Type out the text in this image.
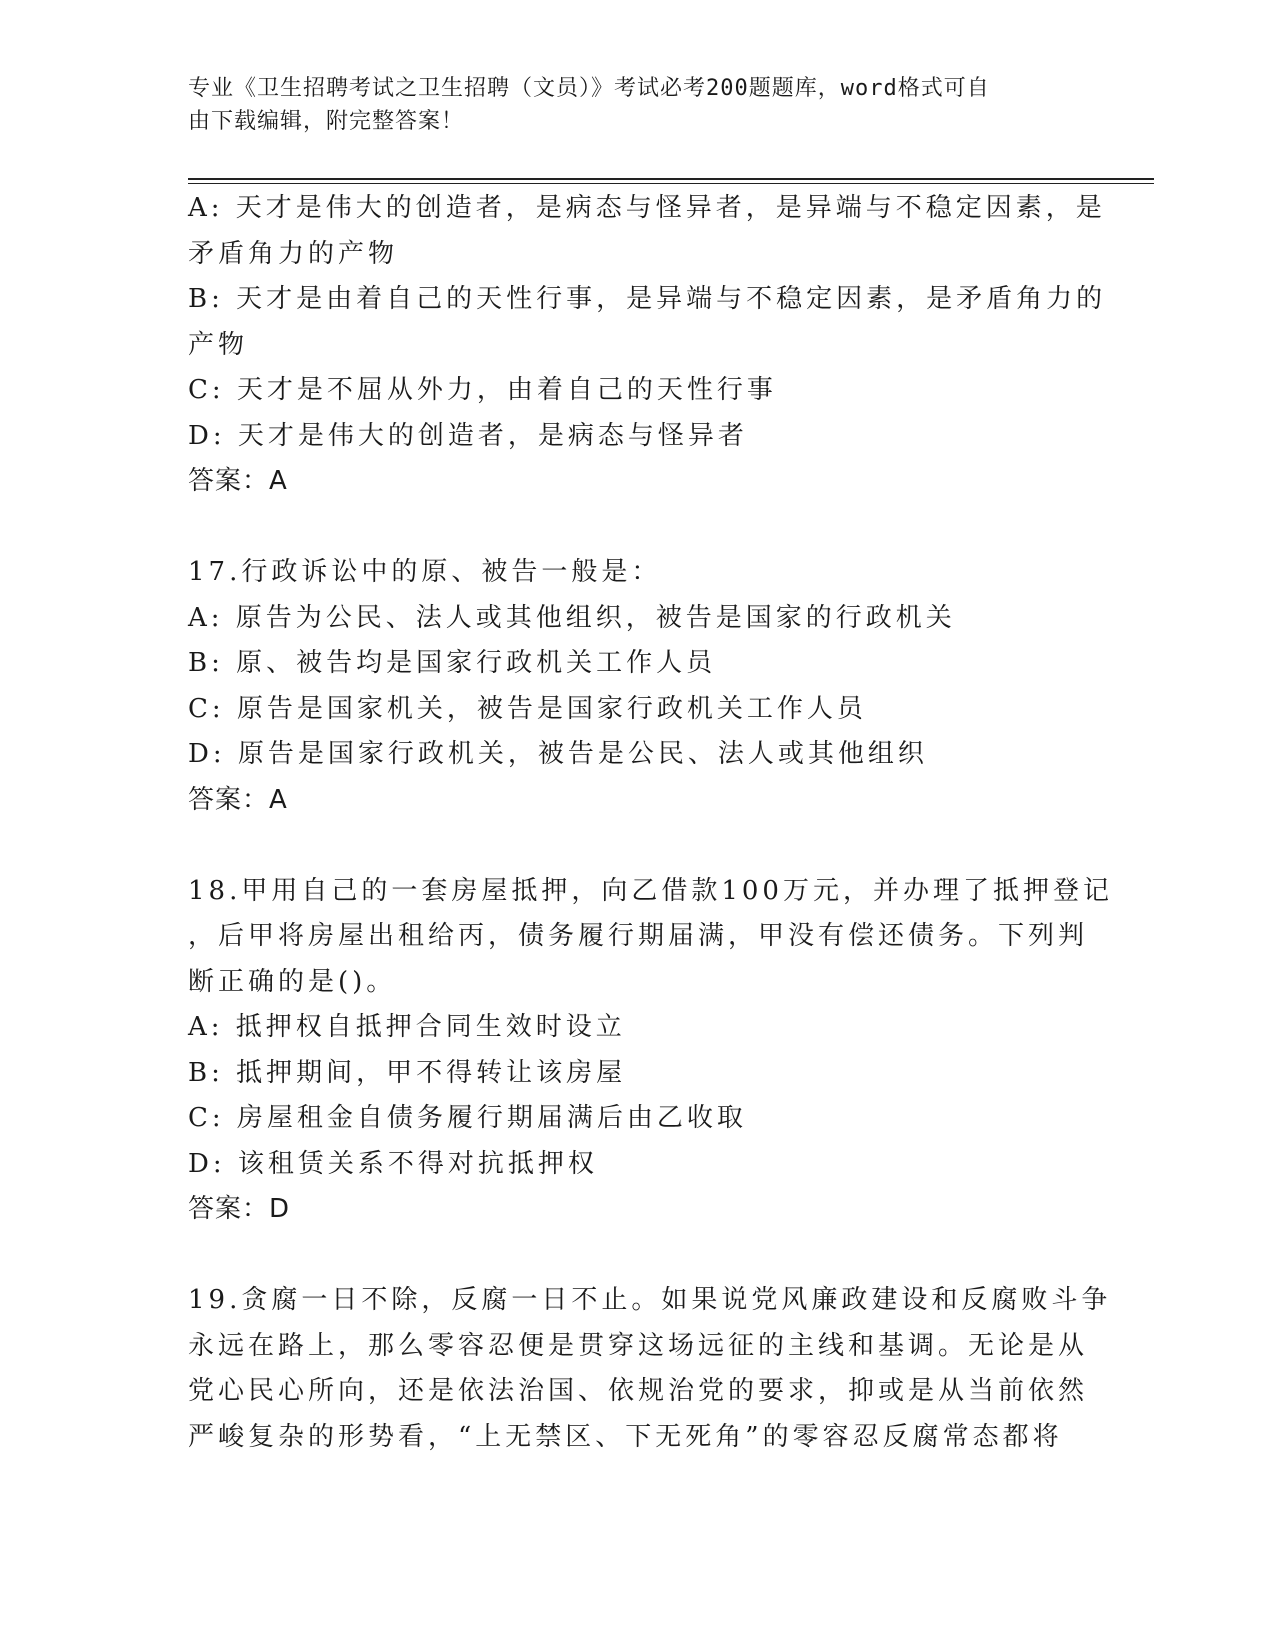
专业《卫生招聘考试之卫生招聘（文员）》考试必考200题题库，word格式可自
由下载编辑，附完整答案！
A: 天才是伟大的创造者，是病态与怪异者，是异端与不稳定因素，是
矛盾角力的产物
B: 天才是由着自己的天性行事，是异端与不稳定因素，是矛盾角力的
产物
C: 天才是不屈从外力，由着自己的天性行事
D: 天才是伟大的创造者，是病态与怪异者
答案：A
17.行政诉讼中的原、被告一般是：
A: 原告为公民、法人或其他组织，被告是国家的行政机关
B: 原、被告均是国家行政机关工作人员
C: 原告是国家机关，被告是国家行政机关工作人员
D: 原告是国家行政机关，被告是公民、法人或其他组织
答案：A
18.甲用自己的一套房屋抵押，向乙借款100万元，并办理了抵押登记
，后甲将房屋出租给丙，债务履行期届满，甲没有偿还债务。下列判
断正确的是()。
A: 抵押权自抵押合同生效时设立
B: 抵押期间，甲不得转让该房屋
C: 房屋租金自债务履行期届满后由乙收取
D: 该租赁关系不得对抗抵押权
答案：D
19.贪腐一日不除，反腐一日不止。如果说党风廉政建设和反腐败斗争
永远在路上，那么零容忍便是贯穿这场远征的主线和基调。无论是从
党心民心所向，还是依法治国、依规治党的要求，抑或是从当前依然
严峻复杂的形势看，“上无禁区、下无死角”的零容忍反腐常态都将
